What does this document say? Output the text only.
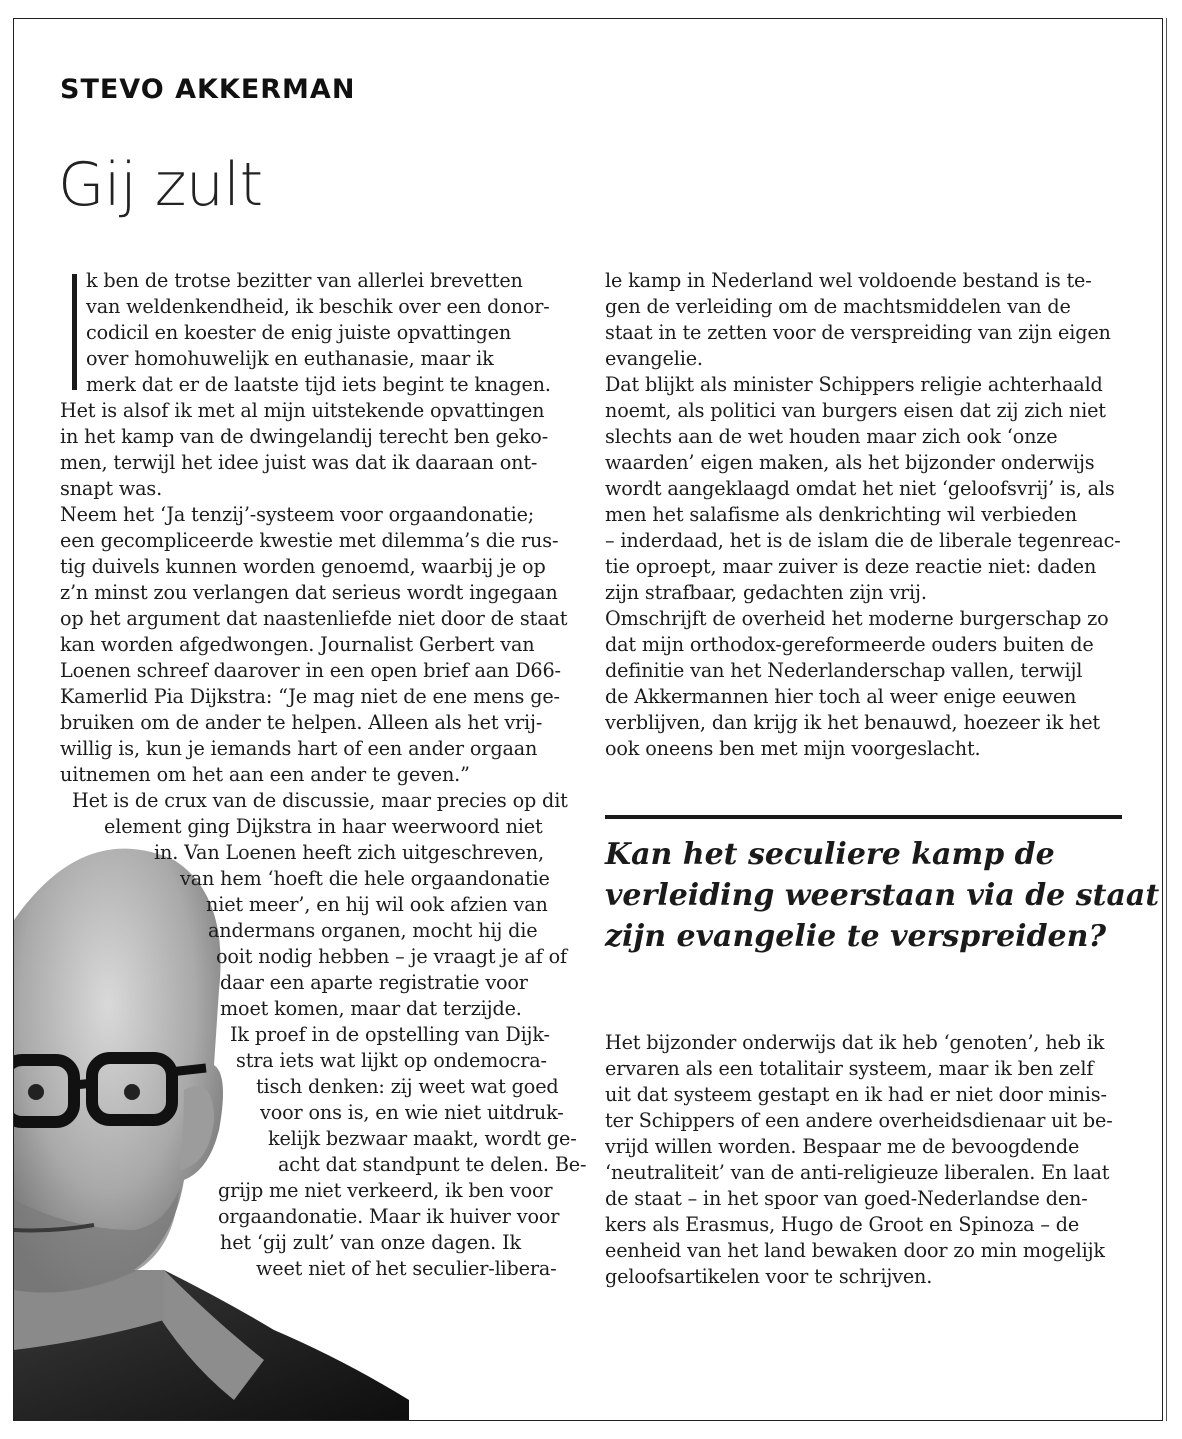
STEVO AKKERMAN
Gij zult
k ben de trotse bezitter van allerlei brevetten
van weldenkendheid, ik beschik over een donor-
codicil en koester de enig juiste opvattingen
over homohuwelijk en euthanasie, maar ik
merk dat er de laatste tijd iets begint te knagen.
Het is alsof ik met al mijn uitstekende opvattingen
in het kamp van de dwingelandij terecht ben geko-
men, terwijl het idee juist was dat ik daaraan ont-
snapt was.
Neem het ‘Ja tenzij’-systeem voor orgaandonatie;
een gecompliceerde kwestie met dilemma’s die rus-
tig duivels kunnen worden genoemd, waarbij je op
z’n minst zou verlangen dat serieus wordt ingegaan
op het argument dat naastenliefde niet door de staat
kan worden afgedwongen. Journalist Gerbert van
Loenen schreef daarover in een open brief aan D66-
Kamerlid Pia Dijkstra: “Je mag niet de ene mens ge-
bruiken om de ander te helpen. Alleen als het vrij-
willig is, kun je iemands hart of een ander orgaan
uitnemen om het aan een ander te geven.”
Het is de crux van de discussie, maar precies op dit
element ging Dijkstra in haar weerwoord niet
in. Van Loenen heeft zich uitgeschreven,
van hem ‘hoeft die hele orgaandonatie
niet meer’, en hij wil ook afzien van
andermans organen, mocht hij die
ooit nodig hebben – je vraagt je af of
daar een aparte registratie voor
moet komen, maar dat terzijde.
Ik proef in de opstelling van Dijk-
stra iets wat lijkt op ondemocra-
tisch denken: zij weet wat goed
voor ons is, en wie niet uitdruk-
kelijk bezwaar maakt, wordt ge-
acht dat standpunt te delen. Be-
grijp me niet verkeerd, ik ben voor
orgaandonatie. Maar ik huiver voor
het ‘gij zult’ van onze dagen. Ik
weet niet of het seculier-libera-
le kamp in Nederland wel voldoende bestand is te-
gen de verleiding om de machtsmiddelen van de
staat in te zetten voor de verspreiding van zijn eigen
evangelie.
Dat blijkt als minister Schippers religie achterhaald
noemt, als politici van burgers eisen dat zij zich niet
slechts aan de wet houden maar zich ook ‘onze
waarden’ eigen maken, als het bijzonder onderwijs
wordt aangeklaagd omdat het niet ‘geloofsvrij’ is, als
men het salafisme als denkrichting wil verbieden
– inderdaad, het is de islam die de liberale tegenreac-
tie oproept, maar zuiver is deze reactie niet: daden
zijn strafbaar, gedachten zijn vrij.
Omschrijft de overheid het moderne burgerschap zo
dat mijn orthodox-gereformeerde ouders buiten de
definitie van het Nederlanderschap vallen, terwijl
de Akkermannen hier toch al weer enige eeuwen
verblijven, dan krijg ik het benauwd, hoezeer ik het
ook oneens ben met mijn voorgeslacht.
Kan het seculiere kamp de
verleiding weerstaan via de staat
zijn evangelie te verspreiden?
Het bijzonder onderwijs dat ik heb ‘genoten’, heb ik
ervaren als een totalitair systeem, maar ik ben zelf
uit dat systeem gestapt en ik had er niet door minis-
ter Schippers of een andere overheidsdienaar uit be-
vrijd willen worden. Bespaar me de bevoogdende
‘neutraliteit’ van de anti-religieuze liberalen. En laat
de staat – in het spoor van goed-Nederlandse den-
kers als Erasmus, Hugo de Groot en Spinoza – de
eenheid van het land bewaken door zo min mogelijk
geloofsartikelen voor te schrijven.
